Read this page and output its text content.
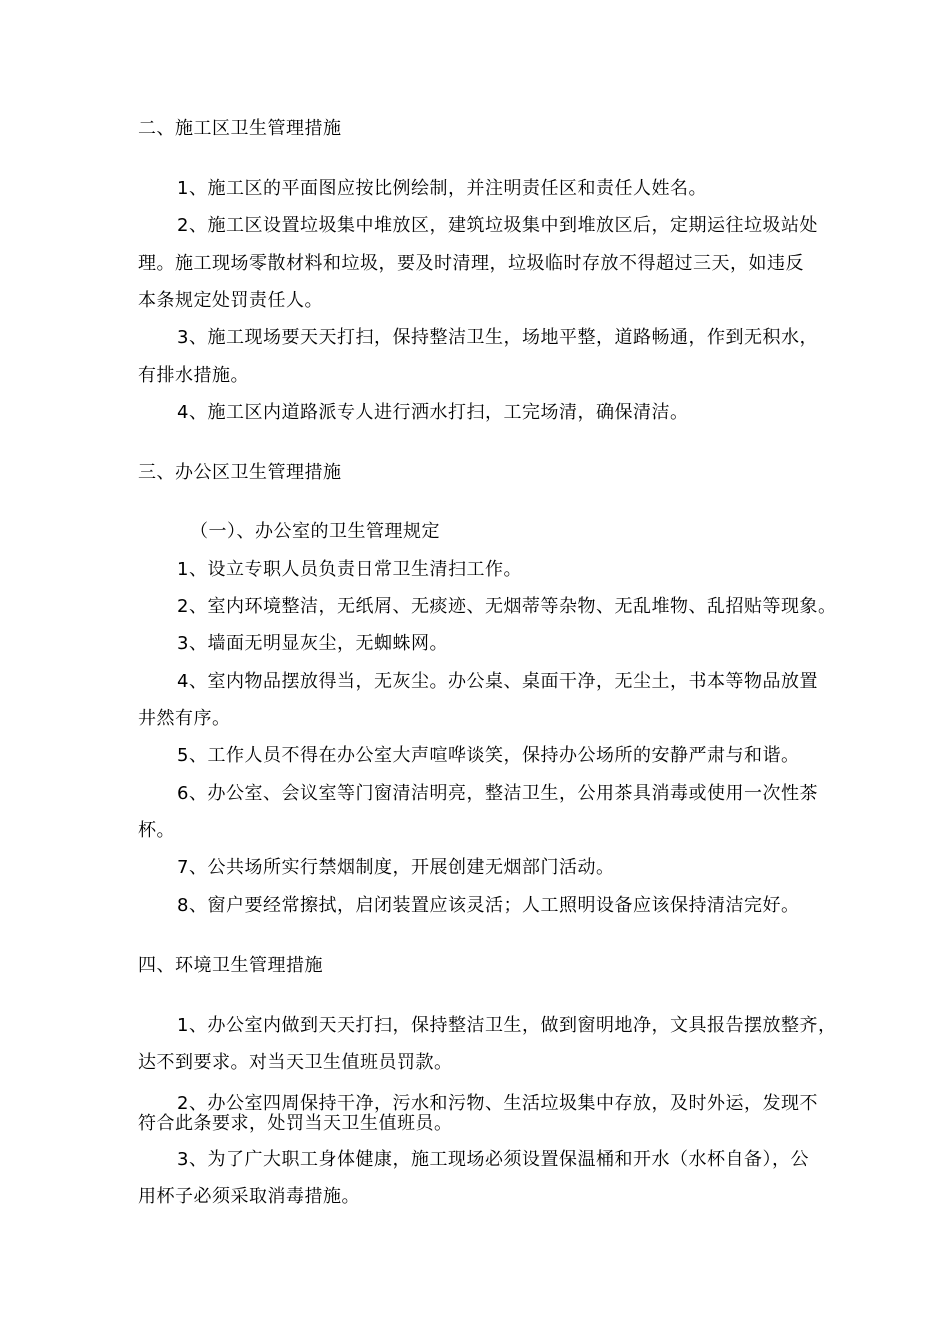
二、施工区卫生管理措施
1、施工区的平面图应按比例绘制，并注明责任区和责任人姓名。
2、施工区设置垃圾集中堆放区，建筑垃圾集中到堆放区后，定期运往垃圾站处
理。施工现场零散材料和垃圾，要及时清理，垃圾临时存放不得超过三天，如违反
本条规定处罚责任人。
3、施工现场要天天打扫，保持整洁卫生，场地平整，道路畅通，作到无积水，
有排水措施。
4、施工区内道路派专人进行洒水打扫，工完场清，确保清洁。
三、办公区卫生管理措施
（一）、办公室的卫生管理规定
1、设立专职人员负责日常卫生清扫工作。
2、室内环境整洁，无纸屑、无痰迹、无烟蒂等杂物、无乱堆物、乱招贴等现象。
3、墙面无明显灰尘，无蜘蛛网。
4、室内物品摆放得当，无灰尘。办公桌、桌面干净，无尘土，书本等物品放置
井然有序。
5、工作人员不得在办公室大声喧哗谈笑，保持办公场所的安静严肃与和谐。
6、办公室、会议室等门窗清洁明亮，整洁卫生，公用茶具消毒或使用一次性茶
杯。
7、公共场所实行禁烟制度，开展创建无烟部门活动。
8、窗户要经常擦拭，启闭装置应该灵活；人工照明设备应该保持清洁完好。
四、环境卫生管理措施
1、办公室内做到天天打扫，保持整洁卫生，做到窗明地净，文具报告摆放整齐，
达不到要求。对当天卫生值班员罚款。
2、办公室四周保持干净，污水和污物、生活垃圾集中存放，及时外运，发现不
符合此条要求，处罚当天卫生值班员。
3、为了广大职工身体健康，施工现场必须设置保温桶和开水（水杯自备），公
用杯子必须采取消毒措施。
